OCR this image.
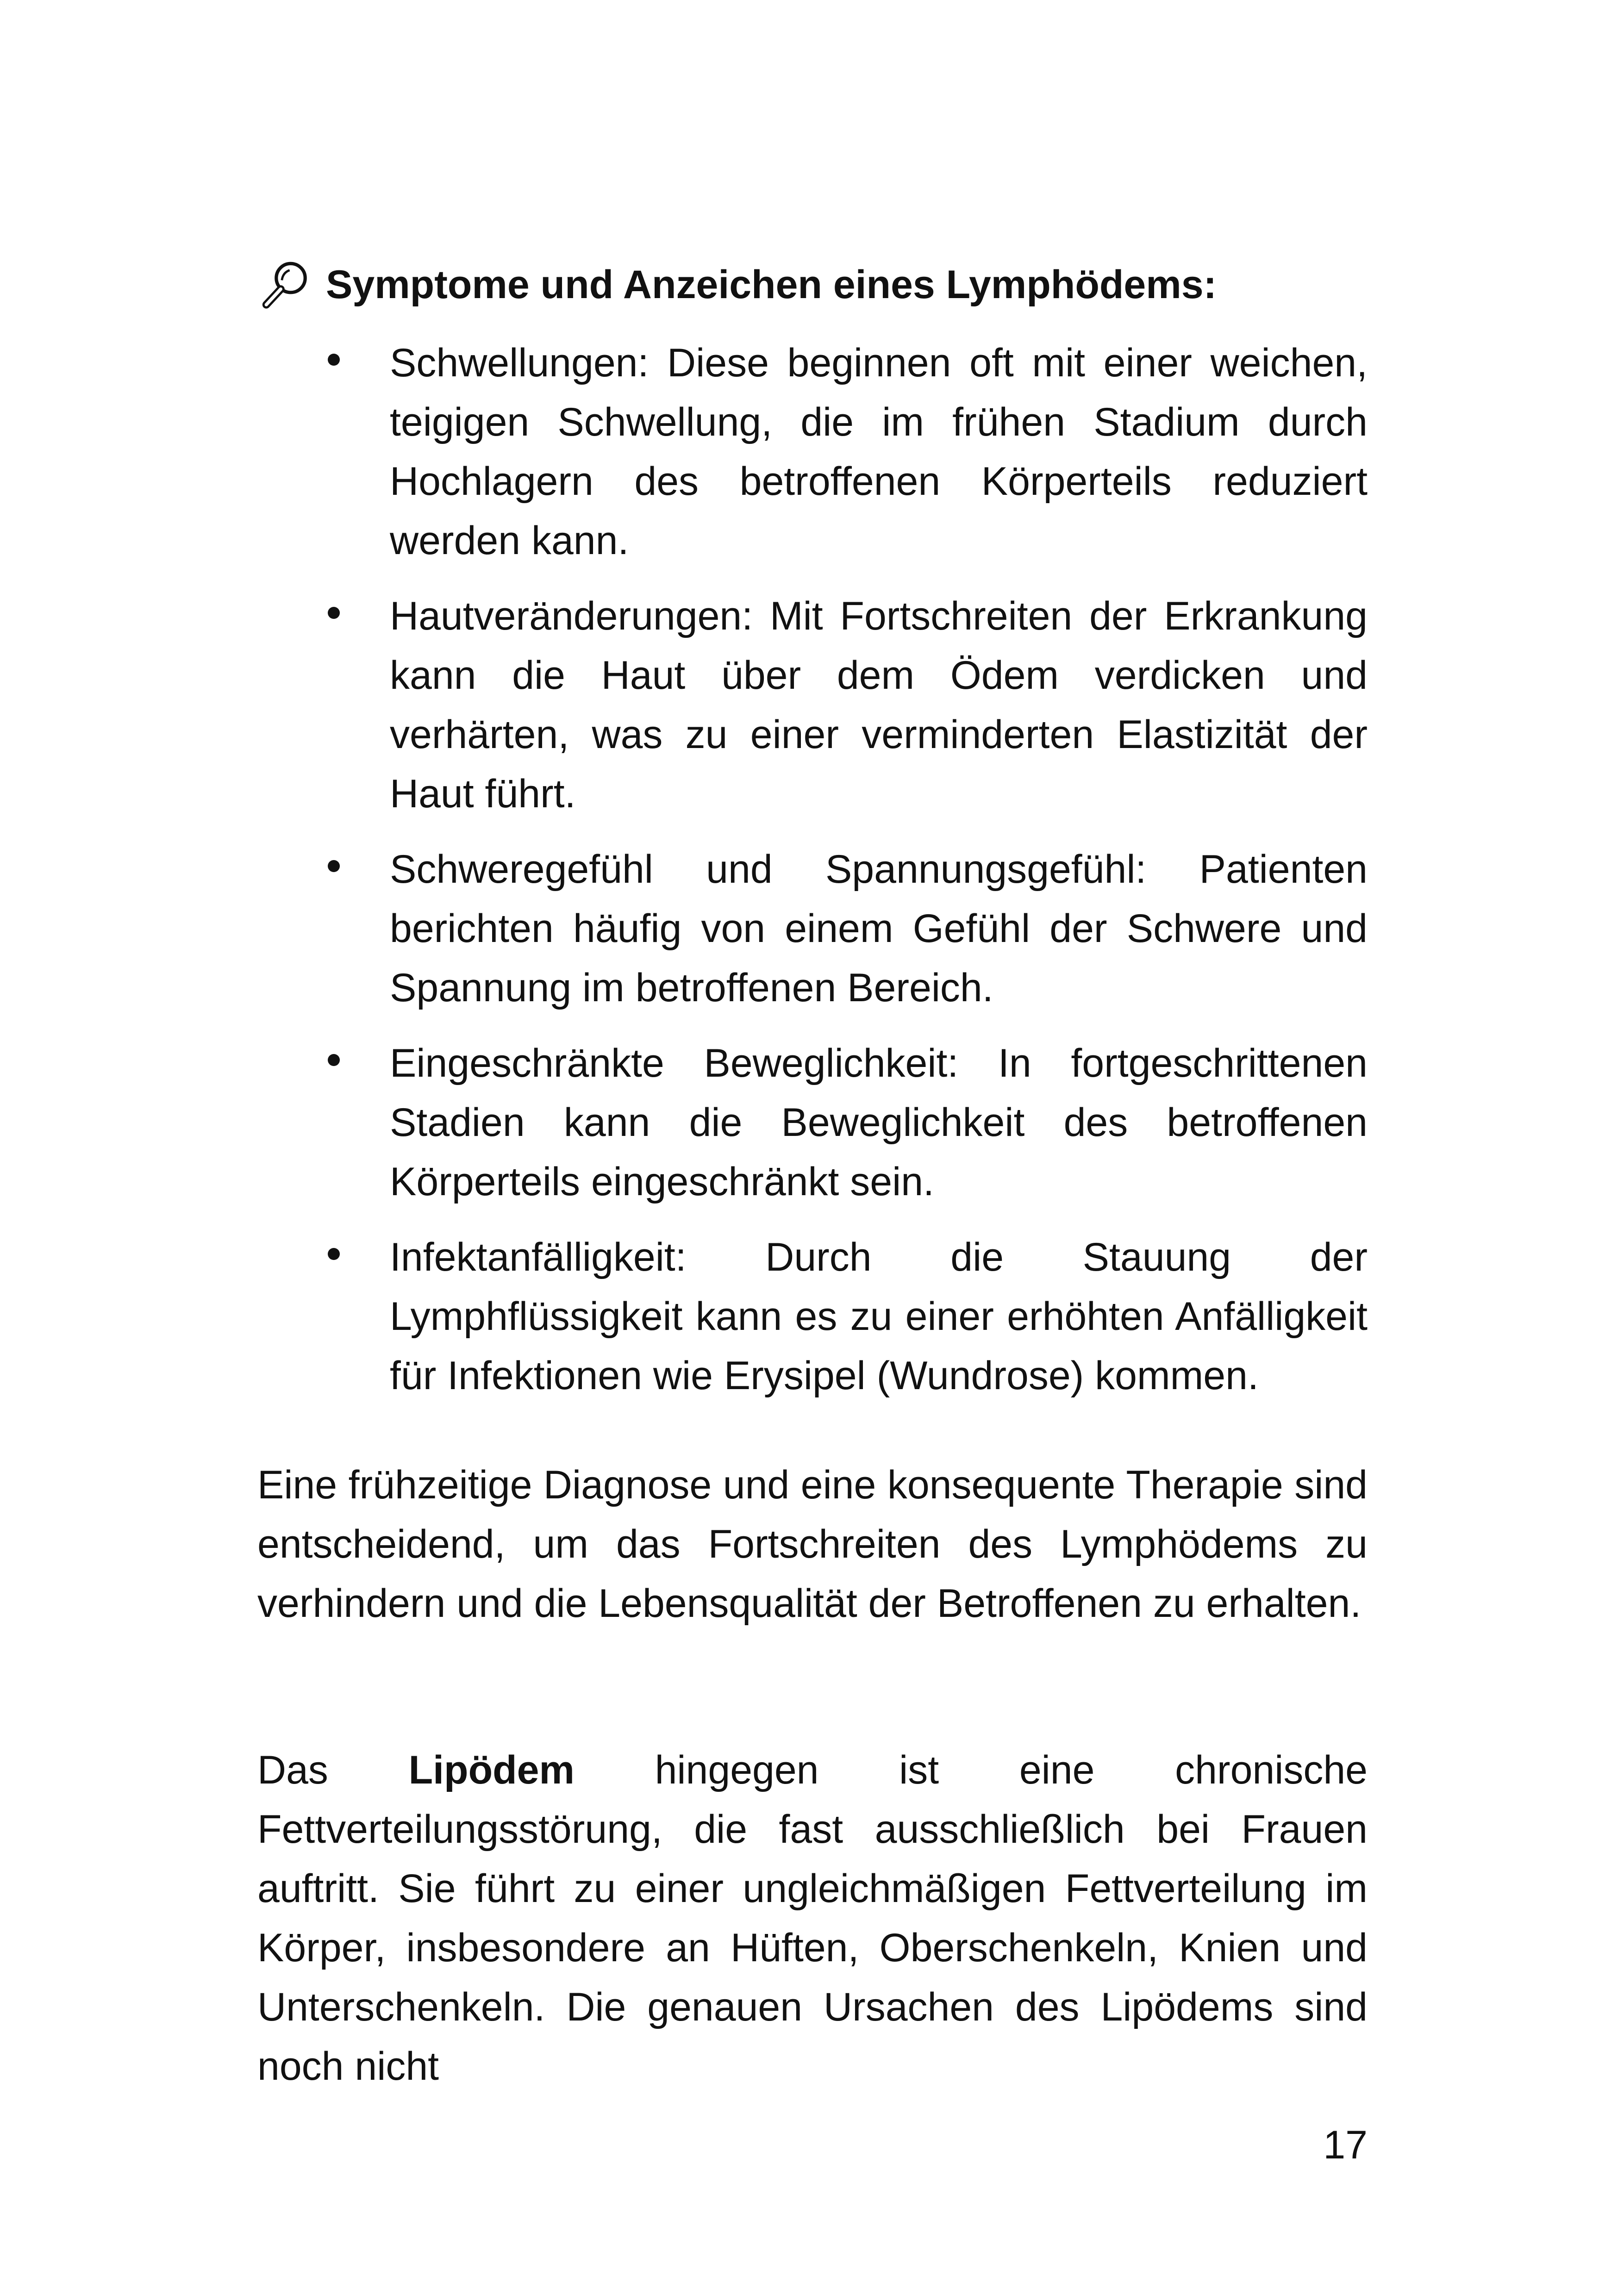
Symptome und Anzeichen eines Lymphödems:
Schwellungen: Diese beginnen oft mit einer weichen, teigigen Schwellung, die im frühen Stadium durch Hochlagern des betroffenen Körperteils reduziert werden kann.
Hautveränderungen: Mit Fortschreiten der Erkrankung kann die Haut über dem Ödem verdicken und verhärten, was zu einer verminderten Elastizität der Haut führt.
Schweregefühl und Spannungsgefühl: Patienten berichten häufig von einem Gefühl der Schwere und Spannung im betroffenen Bereich.
Eingeschränkte Beweglichkeit: In fortgeschrittenen Stadien kann die Beweglichkeit des betroffenen Körperteils eingeschränkt sein.
Infektanfälligkeit: Durch die Stauung der Lymphflüssigkeit kann es zu einer erhöhten Anfälligkeit für Infektionen wie Erysipel (Wundrose) kommen.

Eine frühzeitige Diagnose und eine konsequente Therapie sind entscheidend, um das Fortschreiten des Lymphödems zu verhindern und die Lebensqualität der Betroffenen zu erhalten.

Das Lipödem hingegen ist eine chronische Fettverteilungsstörung, die fast ausschließlich bei Frauen auftritt. Sie führt zu einer ungleichmäßigen Fettverteilung im Körper, insbesondere an Hüften, Oberschenkeln, Knien und Unterschenkeln. Die genauen Ursachen des Lipödems sind noch nicht

17
